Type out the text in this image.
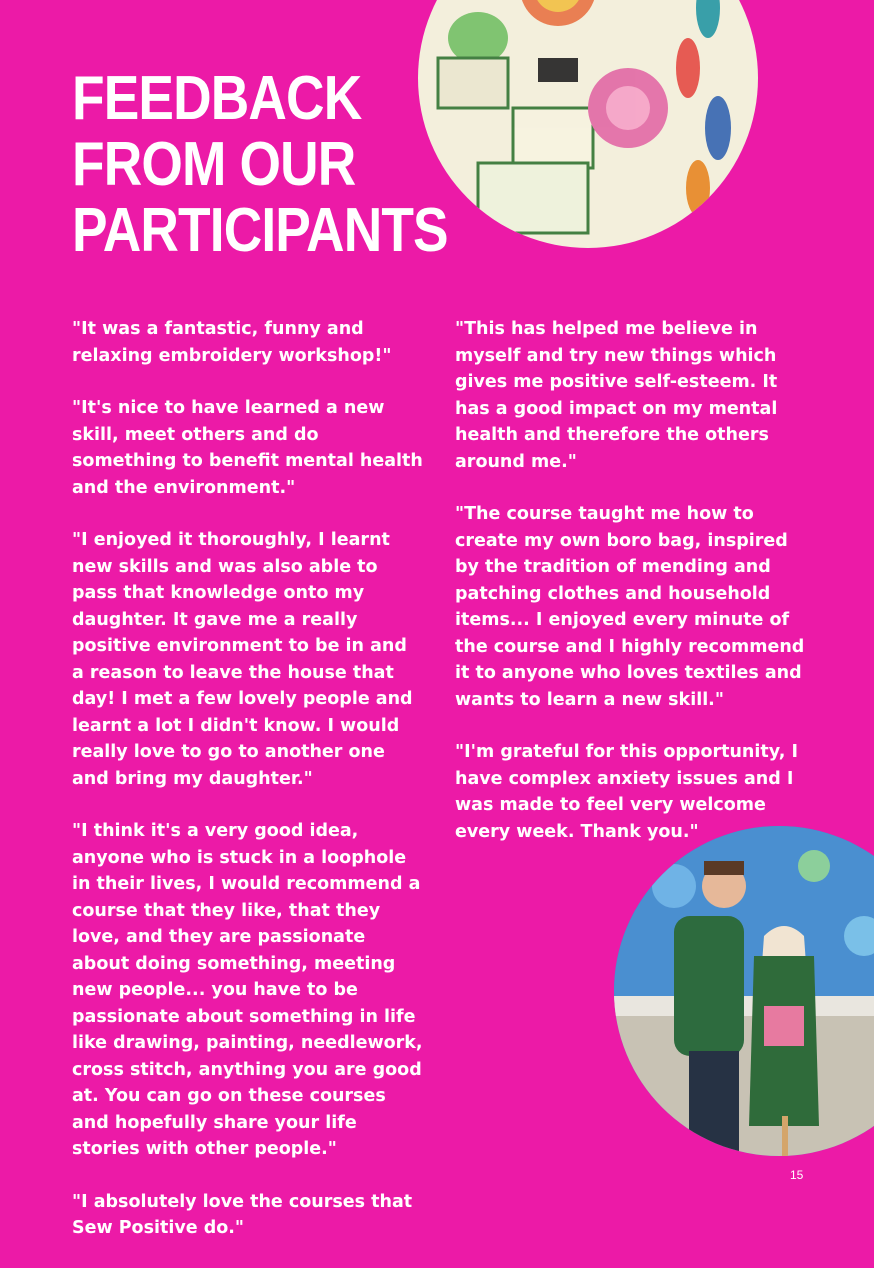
FEEDBACK
FROM OUR
PARTICIPANTS

"It was a fantastic, funny and relaxing embroidery workshop!"

"It's nice to have learned a new skill, meet others and do something to benefit mental health and the environment."

"I enjoyed it thoroughly, I learnt new skills and was also able to pass that knowledge onto my daughter. It gave me a really positive environment to be in and a reason to leave the house that day! I met a few lovely people and learnt a lot I didn't know. I would really love to go to another one and bring my daughter."

"I think it's a very good idea, anyone who is stuck in a loophole in their lives, I would recommend a course that they like, that they love, and they are passionate about doing something, meeting new people... you have to be passionate about something in life like drawing, painting, needlework, cross stitch, anything you are good at. You can go on these courses and hopefully share your life stories with other people."

"I absolutely love the courses that Sew Positive do."

"This has helped me believe in myself and try new things which gives me positive self-esteem. It has a good impact on my mental health and therefore the others around me."

"The course taught me how to create my own boro bag, inspired by the tradition of mending and patching clothes and household items... I enjoyed every minute of the course and I highly recommend it to anyone who loves textiles and wants to learn a new skill."

"I'm grateful for this opportunity, I have complex anxiety issues and I was made to feel very welcome every week. Thank you."

15
